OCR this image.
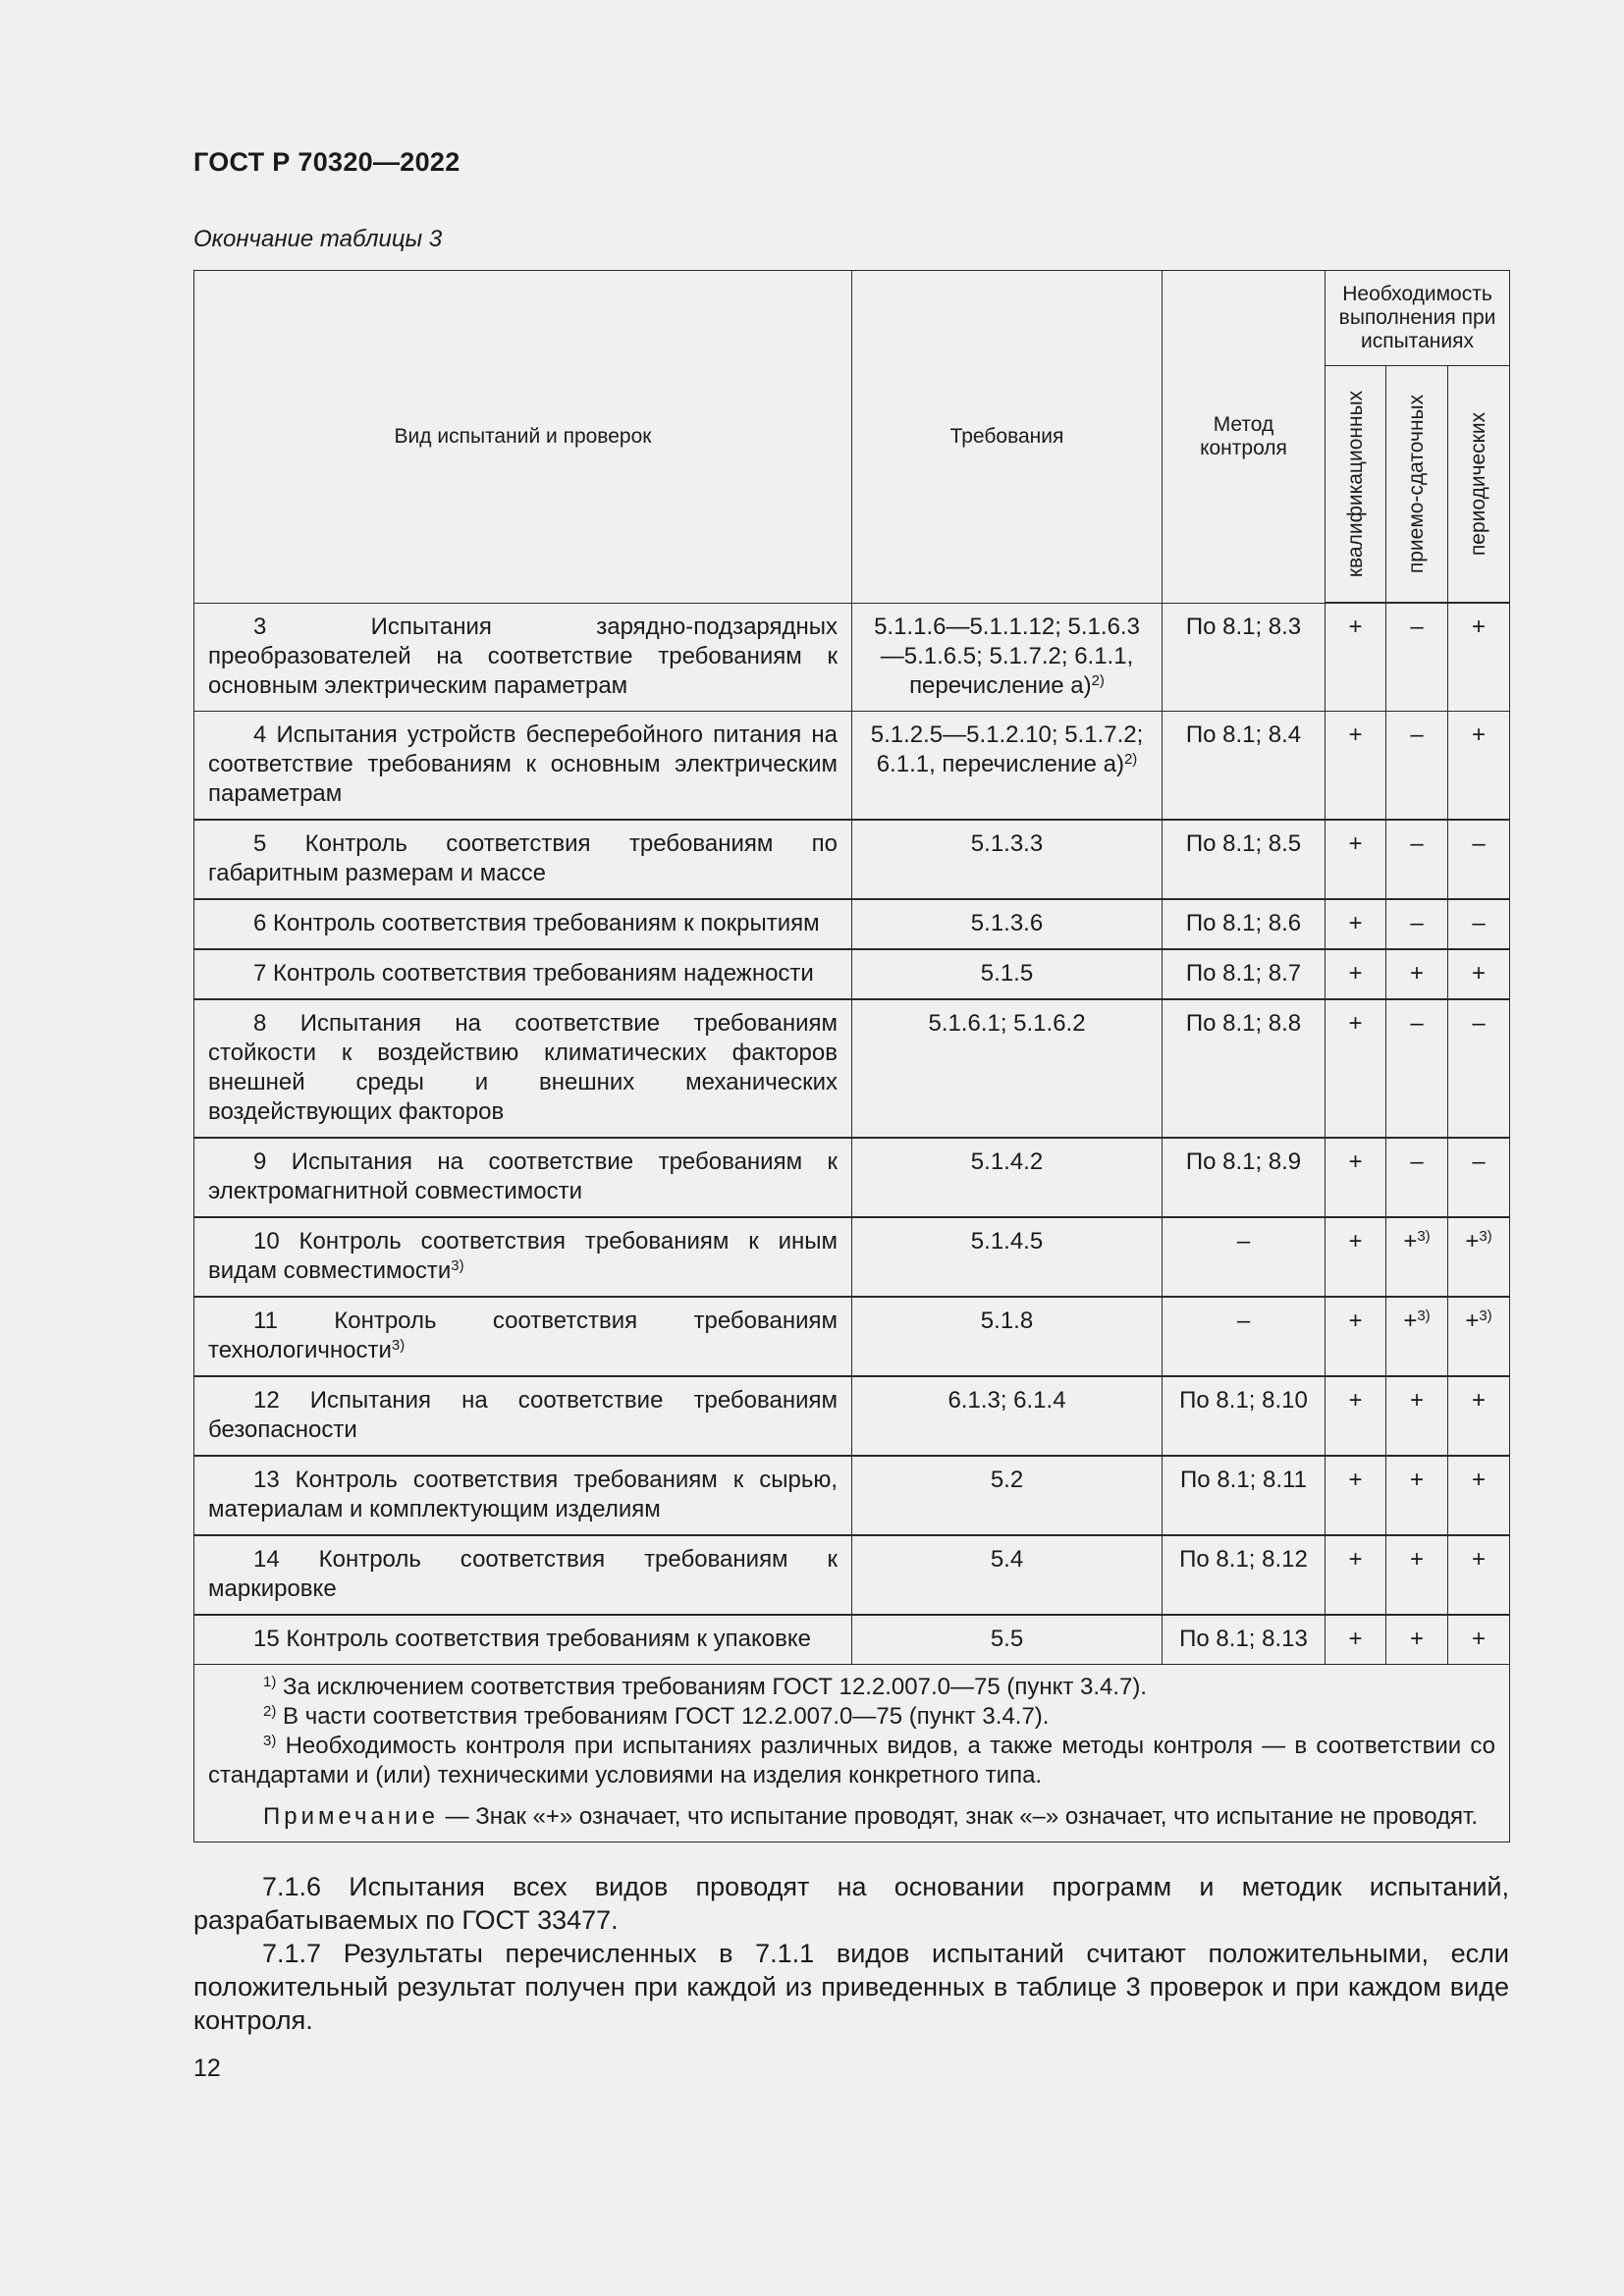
ГОСТ Р 70320—2022
Окончание таблицы 3
Вид испытаний и проверок	Требования	Метод контроля	Необходимость выполнения при испытаниях		

			квалификационных	приемо-сдаточных	периодических

3 Испытания зарядно-подзарядных преобразователей на соответствие требованиям к основным электрическим параметрам	5.1.1.6—5.1.1.12; 5.1.6.3—5.1.6.5; 5.1.7.2; 6.1.1, перечисление а)$^{2)}$	По 8.1; 8.3	+	–	+
4 Испытания устройств бесперебойного питания на соответствие требованиям к основным электрическим параметрам	5.1.2.5—5.1.2.10; 5.1.7.2; 6.1.1, перечисление а)$^{2)}$	По 8.1; 8.4	+	–	+
5 Контроль соответствия требованиям по габаритным размерам и массе	5.1.3.3	По 8.1; 8.5	+	–	–
6 Контроль соответствия требованиям к покрытиям	5.1.3.6	По 8.1; 8.6	+	–	–
7 Контроль соответствия требованиям надежности	5.1.5	По 8.1; 8.7	+	+	+
8 Испытания на соответствие требованиям стойкости к воздействию климатических факторов внешней среды и внешних механических воздействующих факторов	5.1.6.1; 5.1.6.2	По 8.1; 8.8	+	–	–
9 Испытания на соответствие требованиям к электромагнитной совместимости	5.1.4.2	По 8.1; 8.9	+	–	–
10 Контроль соответствия требованиям к иным видам совместимости$^{3)}$	5.1.4.5	–	+	+$^{3)}$	+$^{3)}$
11 Контроль соответствия требованиям технологичности$^{3)}$	5.1.8	–	+	+$^{3)}$	+$^{3)}$
12 Испытания на соответствие требованиям безопасности	6.1.3; 6.1.4	По 8.1; 8.10	+	+	+
13 Контроль соответствия требованиям к сырью, материалам и комплектующим изделиям	5.2	По 8.1; 8.11	+	+	+
14 Контроль соответствия требованиям к маркировке	5.4	По 8.1; 8.12	+	+	+
15 Контроль соответствия требованиям к упаковке	5.5	По 8.1; 8.13	+	+	+

$^{1)}$ За исключением соответствия требованиям ГОСТ 12.2.007.0—75 (пункт 3.4.7).
$^{2)}$ В части соответствия требованиям ГОСТ 12.2.007.0—75 (пункт 3.4.7).
$^{3)}$ Необходимость контроля при испытаниях различных видов, а также методы контроля — в соответствии со стандартами и (или) техническими условиями на изделия конкретного типа.
Примечание — Знак «+» означает, что испытание проводят, знак «–» означает, что испытание не проводят.					
7.1.6 Испытания всех видов проводят на основании программ и методик испытаний, разрабатываемых по ГОСТ 33477.
7.1.7 Результаты перечисленных в 7.1.1 видов испытаний считают положительными, если положительный результат получен при каждой из приведенных в таблице 3 проверок и при каждом виде контроля.
12
